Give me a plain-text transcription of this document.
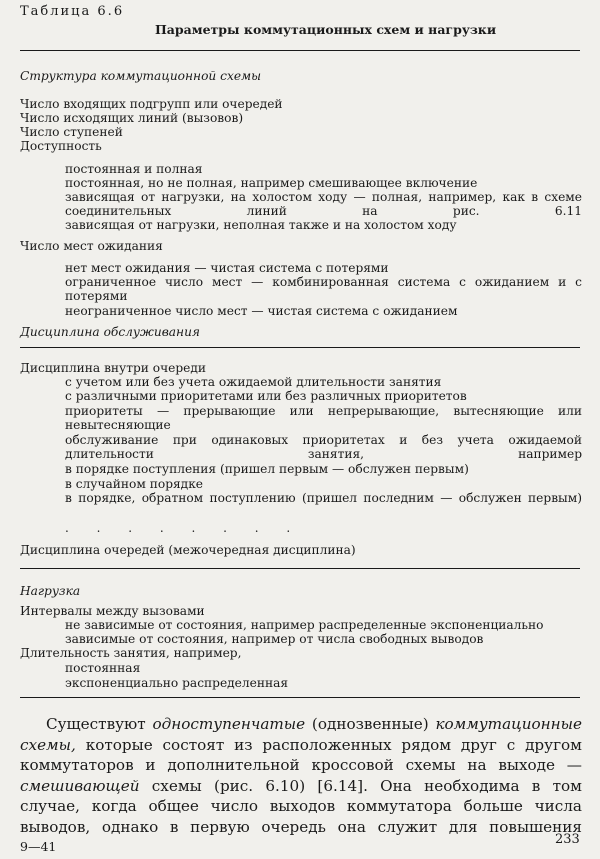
Таблица 6.6
Параметры коммутационных схем и нагрузки
Структура коммутационной схемы
Число входящих подгрупп или очередей
Число исходящих линий (вызовов)
Число ступеней
Доступность
постоянная и полная
постоянная, но не полная, например смешивающее включение
зависящая от нагрузки, на холостом ходу — полная, например, как в схеме соединительных линий на рис. 6.11
зависящая от нагрузки, неполная также и на холостом ходу
Число мест ожидания
нет мест ожидания — чистая система с потерями
ограниченное число мест — комбинированная система с ожиданием и с потерями
неограниченное число мест — чистая система с ожиданием
Дисциплина обслуживания
Дисциплина внутри очереди
с учетом или без учета ожидаемой длительности занятия
с различными приоритетами или без различных приоритетов
приоритеты — прерывающие или непрерывающие, вытесняющие или невытесняющие
обслуживание при одинаковых приоритетах и без учета ожидаемой длительности занятия, например
в порядке поступления (пришел первым — обслужен первым)
в случайном порядке
в порядке, обратном поступлению (пришел последним — обслужен первым)
. . . . . . . .
Дисциплина очередей (межочередная дисциплина)
Нагрузка
Интервалы между вызовами
не зависимые от состояния, например распределенные экспоненциально
зависимые от состояния, например от числа свободных выводов
Длительность занятия, например,
постоянная
экспоненциально распределенная
Существуют одноступенчатые (однозвенные) коммутационные
схемы, которые состоят из расположенных рядом друг с другом
коммутаторов и дополнительной кроссовой схемы на выходе —
смешивающей схемы (рис. 6.10) [6.14]. Она необходима в том
случае, когда общее число выходов коммутатора больше числа
выводов, однако в первую очередь она служит для повышения
9—41	233
